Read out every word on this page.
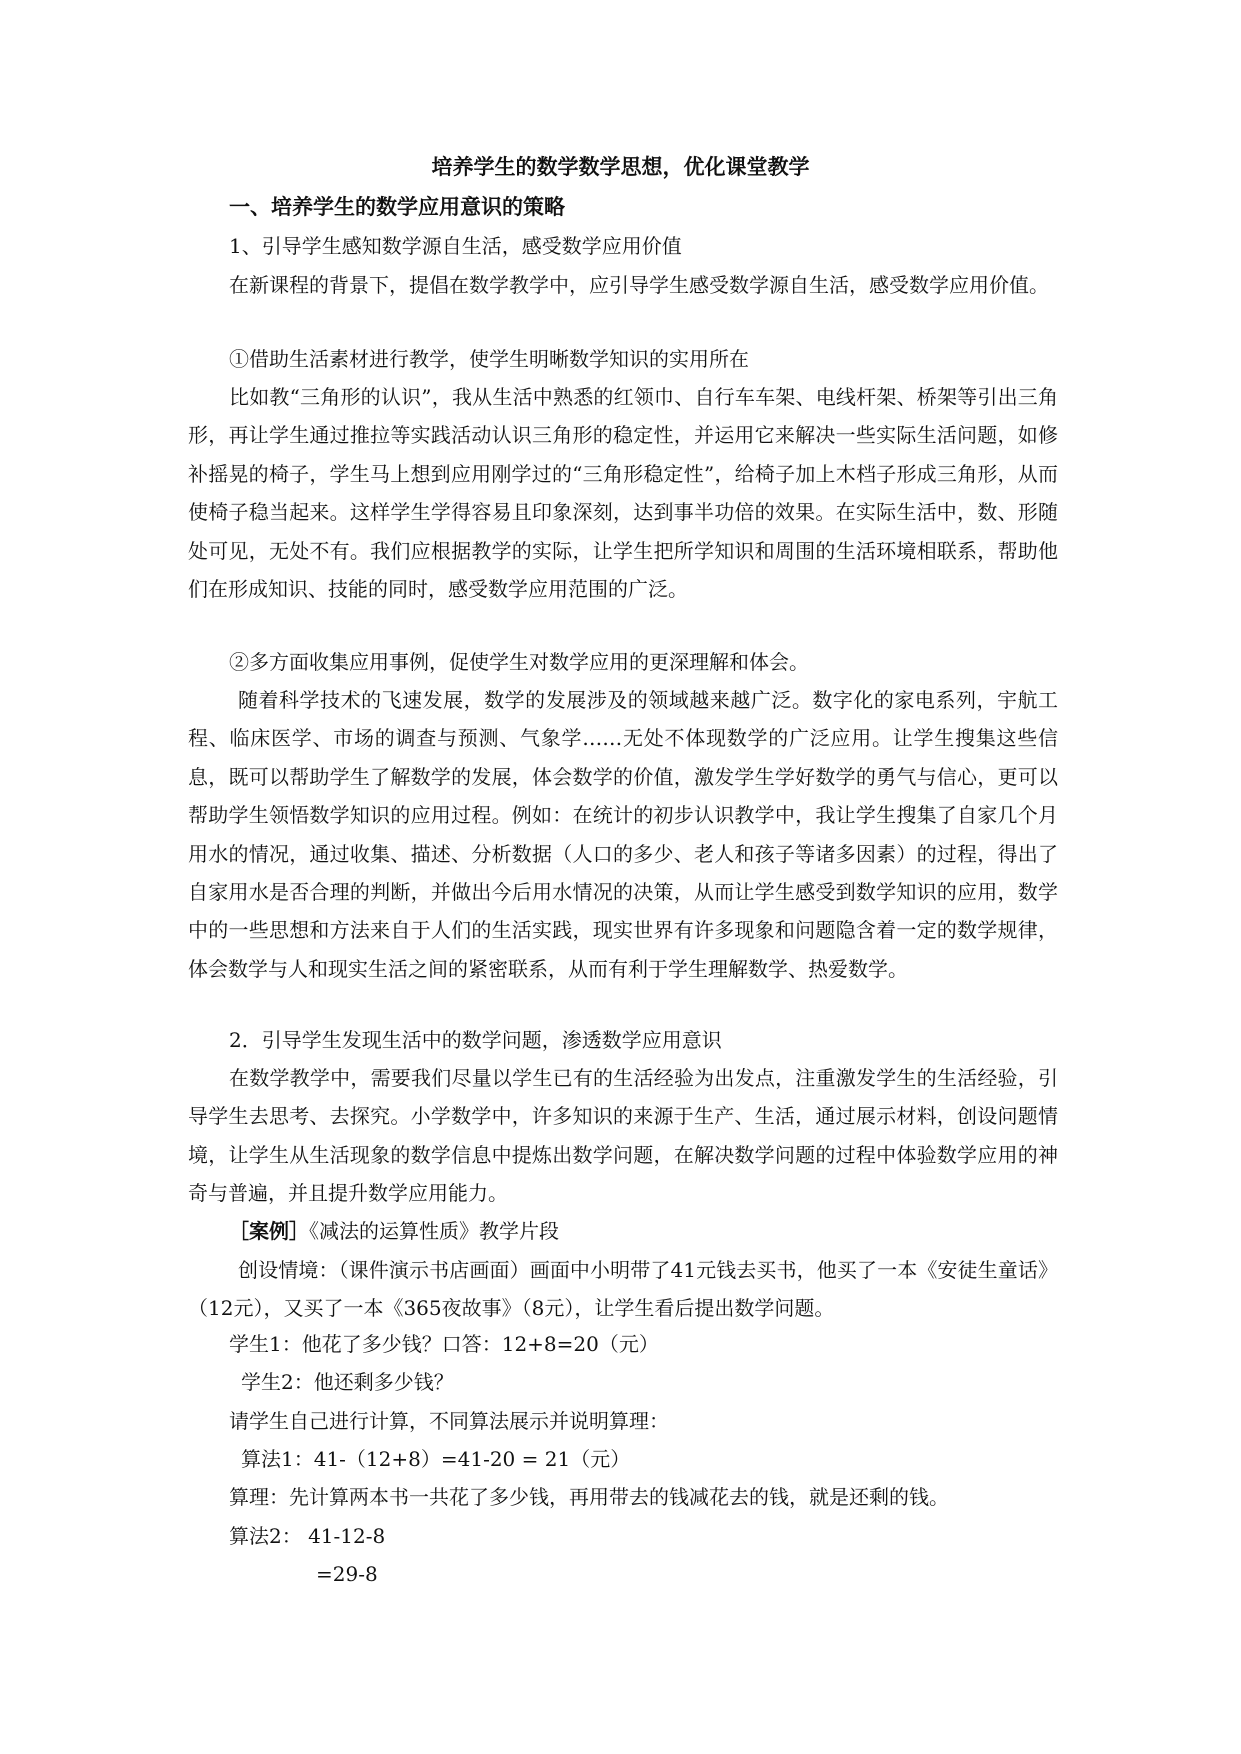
培养学生的数学数学思想，优化课堂教学
一、培养学生的数学应用意识的策略
1、引导学生感知数学源自生活，感受数学应用价值
在新课程的背景下，提倡在数学教学中，应引导学生感受数学源自生活，感受数学应用价值。
①借助生活素材进行教学，使学生明晰数学知识的实用所在
比如教“三角形的认识”，我从生活中熟悉的红领巾、自行车车架、电线杆架、桥架等引出三角形，再让学生通过推拉等实践活动认识三角形的稳定性，并运用它来解决一些实际生活问题，如修补摇晃的椅子，学生马上想到应用刚学过的“三角形稳定性”，给椅子加上木档子形成三角形，从而使椅子稳当起来。这样学生学得容易且印象深刻，达到事半功倍的效果。在实际生活中，数、形随处可见，无处不有。我们应根据教学的实际，让学生把所学知识和周围的生活环境相联系，帮助他们在形成知识、技能的同时，感受数学应用范围的广泛。
②多方面收集应用事例，促使学生对数学应用的更深理解和体会。
随着科学技术的飞速发展，数学的发展涉及的领域越来越广泛。数字化的家电系列，宇航工程、临床医学、市场的调查与预测、气象学……无处不体现数学的广泛应用。让学生搜集这些信息，既可以帮助学生了解数学的发展，体会数学的价值，激发学生学好数学的勇气与信心，更可以帮助学生领悟数学知识的应用过程。例如：在统计的初步认识教学中，我让学生搜集了自家几个月用水的情况，通过收集、描述、分析数据（人口的多少、老人和孩子等诸多因素）的过程，得出了自家用水是否合理的判断，并做出今后用水情况的决策，从而让学生感受到数学知识的应用，数学中的一些思想和方法来自于人们的生活实践，现实世界有许多现象和问题隐含着一定的数学规律，体会数学与人和现实生活之间的紧密联系，从而有利于学生理解数学、热爱数学。
2．引导学生发现生活中的数学问题，渗透数学应用意识
在数学教学中，需要我们尽量以学生已有的生活经验为出发点，注重激发学生的生活经验，引导学生去思考、去探究。小学数学中，许多知识的来源于生产、生活，通过展示材料，创设问题情境，让学生从生活现象的数学信息中提炼出数学问题，在解决数学问题的过程中体验数学应用的神奇与普遍，并且提升数学应用能力。
［案例］《减法的运算性质》教学片段
创设情境：（课件演示书店画面）画面中小明带了41元钱去买书，他买了一本《安徒生童话》（12元），又买了一本《365夜故事》（8元），让学生看后提出数学问题。
学生1：他花了多少钱？口答：12+8=20（元）
学生2：他还剩多少钱？
请学生自己进行计算，不同算法展示并说明算理：
算法1：41-（12+8）=41-20 = 21（元）
算理：先计算两本书一共花了多少钱，再用带去的钱减花去的钱，就是还剩的钱。
算法2： 41-12-8
=29-8
